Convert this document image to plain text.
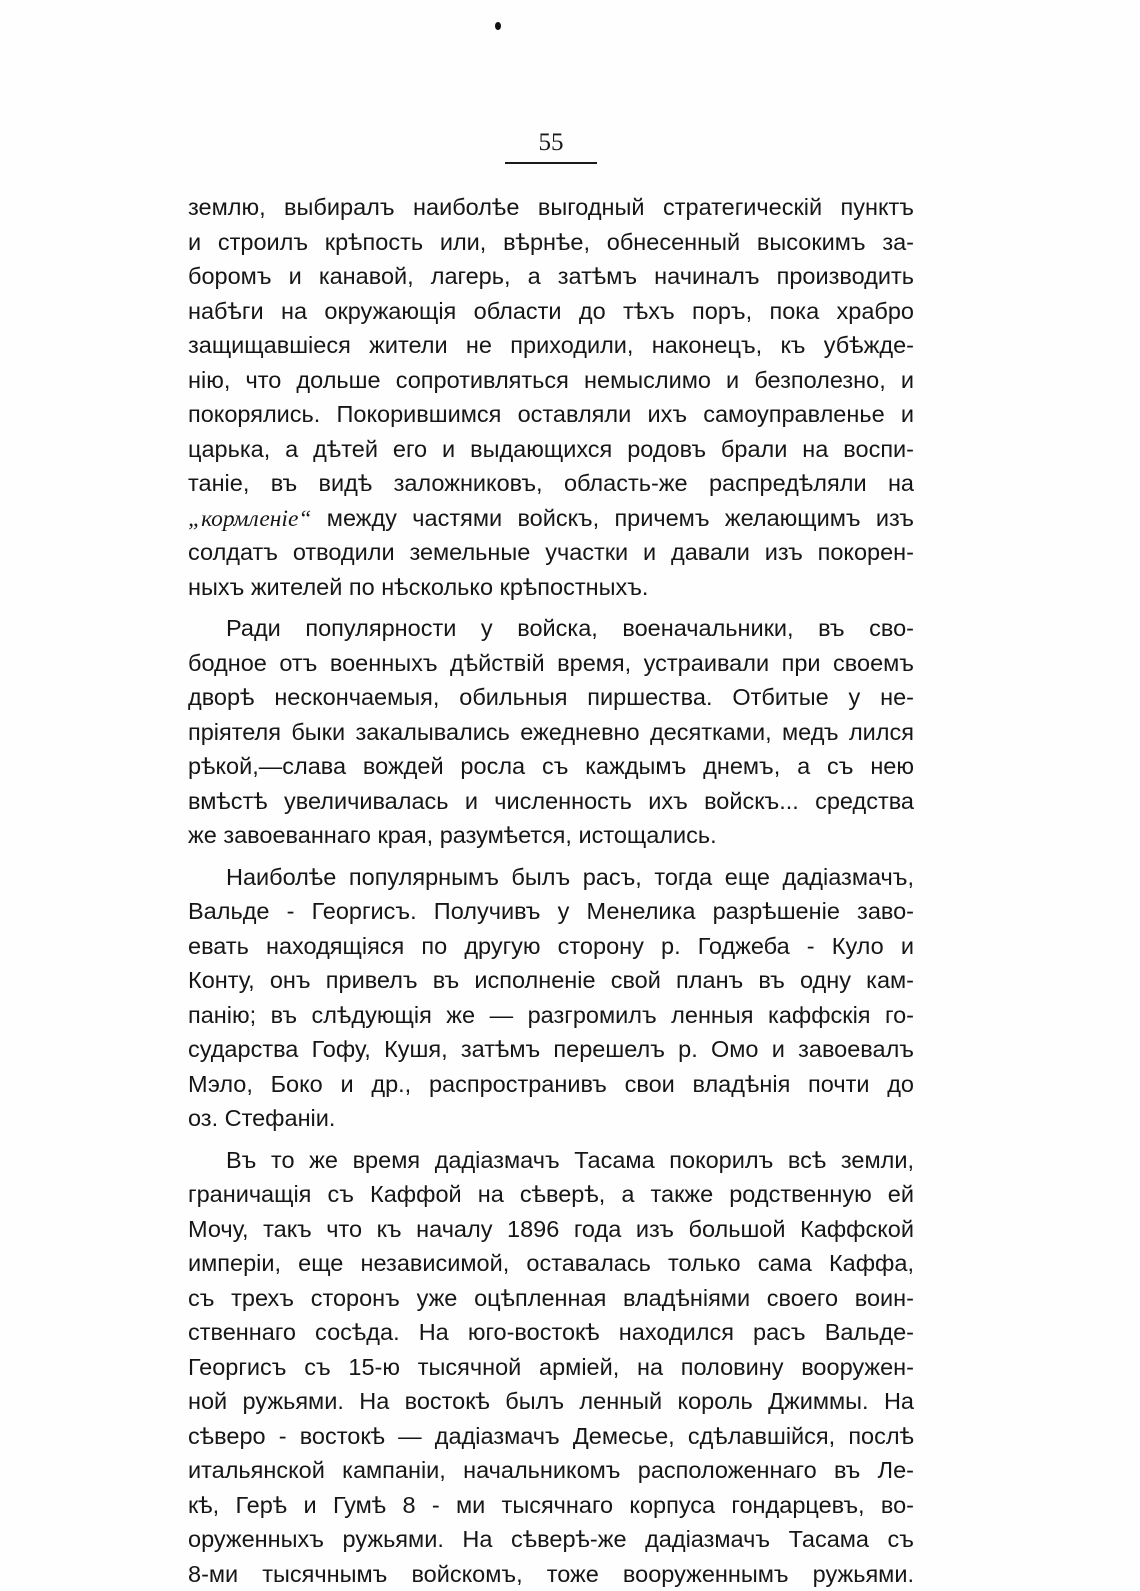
55
землю, выбиралъ наиболѣе выгодный стратегическій пунктъ
и строилъ крѣпость или, вѣрнѣе, обнесенный высокимъ за-
боромъ и канавой, лагерь, а затѣмъ начиналъ производить
набѣги на окружающія области до тѣхъ поръ, пока храбро
защищавшіеся жители не приходили, наконецъ, къ убѣжде-
нію, что дольше сопротивляться немыслимо и безполезно, и
покорялись. Покорившимся оставляли ихъ самоуправленье и
царька, а дѣтей его и выдающихся родовъ брали на воспи-
таніе, въ видѣ заложниковъ, область-же распредѣляли на
„кормленіе“ между частями войскъ, причемъ желающимъ изъ
солдатъ отводили земельные участки и давали изъ покорен-
ныхъ жителей по нѣсколько крѣпостныхъ.
Ради популярности у войска, военачальники, въ сво-
бодное отъ военныхъ дѣйствій время, устраивали при своемъ
дворѣ нескончаемыя, обильныя пиршества. Отбитые у не-
пріятеля быки закалывались ежедневно десятками, медъ лился
рѣкой,—слава вождей росла съ каждымъ днемъ, а съ нею
вмѣстѣ увеличивалась и численность ихъ войскъ... средства
же завоеваннаго края, разумѣется, истощались.
Наиболѣе популярнымъ былъ расъ, тогда еще дадіазмачъ,
Вальде - Георгисъ. Получивъ у Менелика разрѣшеніе заво-
евать находящіяся по другую сторону р. Годжеба - Куло и
Конту, онъ привелъ въ исполненіе свой планъ въ одну кам-
панію; въ слѣдующія же — разгромилъ ленныя каффскія го-
сударства Гофу, Кушя, затѣмъ перешелъ р. Омо и завоевалъ
Мэло, Боко и др., распространивъ свои владѣнія почти до
оз. Стефаніи.
Въ то же время дадіазмачъ Тасама покорилъ всѣ земли,
граничащія съ Каффой на сѣверѣ, а также родственную ей
Мочу, такъ что къ началу 1896 года изъ большой Каффской
имперіи, еще независимой, оставалась только сама Каффа,
съ трехъ сторонъ уже оцѣпленная владѣніями своего воин-
ственнаго сосѣда. На юго-востокѣ находился расъ Вальде-
Георгисъ съ 15-ю тысячной арміей, на половину вооружен-
ной ружьями. На востокѣ былъ ленный король Джиммы. На
сѣверо - востокѣ — дадіазмачъ Демесье, сдѣлавшійся, послѣ
итальянской кампаніи, начальникомъ расположеннаго въ Ле-
кѣ, Герѣ и Гумѣ 8 - ми тысячнаго корпуса гондарцевъ, во-
оруженныхъ ружьями. На сѣверѣ-же дадіазмачъ Тасама съ
8-ми тысячнымъ войскомъ, тоже вооруженнымъ ружьями.
